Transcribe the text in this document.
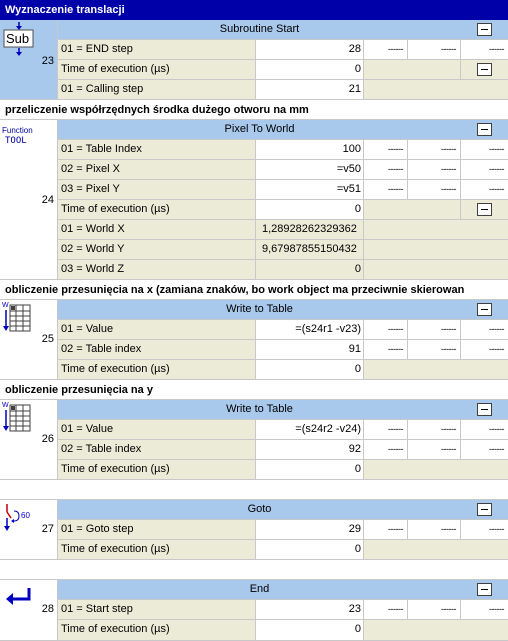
Wyznaczenie translacji
Sub
23
Subroutine Start
01 = END step	28	------	------	------
Time of execution (µs)	0
01 = Calling step	21
przeliczenie współrzędnych środka dużego otworu na mm
Function
TOOL
24
Pixel To World
01 = Table Index	100	------	------	------
02 = Pixel X	=v50	------	------	------
03 = Pixel Y	=v51	------	------	------
Time of execution (µs)	0
01 = World X	1,28928262329362
02 = World Y	9,67987855150432
03 = World Z	0
obliczenie przesunięcia na x (zamiana znaków, bo work object ma przeciwnie skierowan
W
25
Write to Table
01 = Value	=(s24r1 -v23)	------	------	------
02 = Table index	91	------	------	------
Time of execution (µs)	0
obliczenie przesunięcia na y
W
26
Write to Table
01 = Value	=(s24r2 -v24)	------	------	------
02 = Table index	92	------	------	------
Time of execution (µs)	0
60
27
Goto
01 = Goto step	29	------	------	------
Time of execution (µs)	0
28
End
01 = Start step	23	------	------	------
Time of execution (µs)	0
